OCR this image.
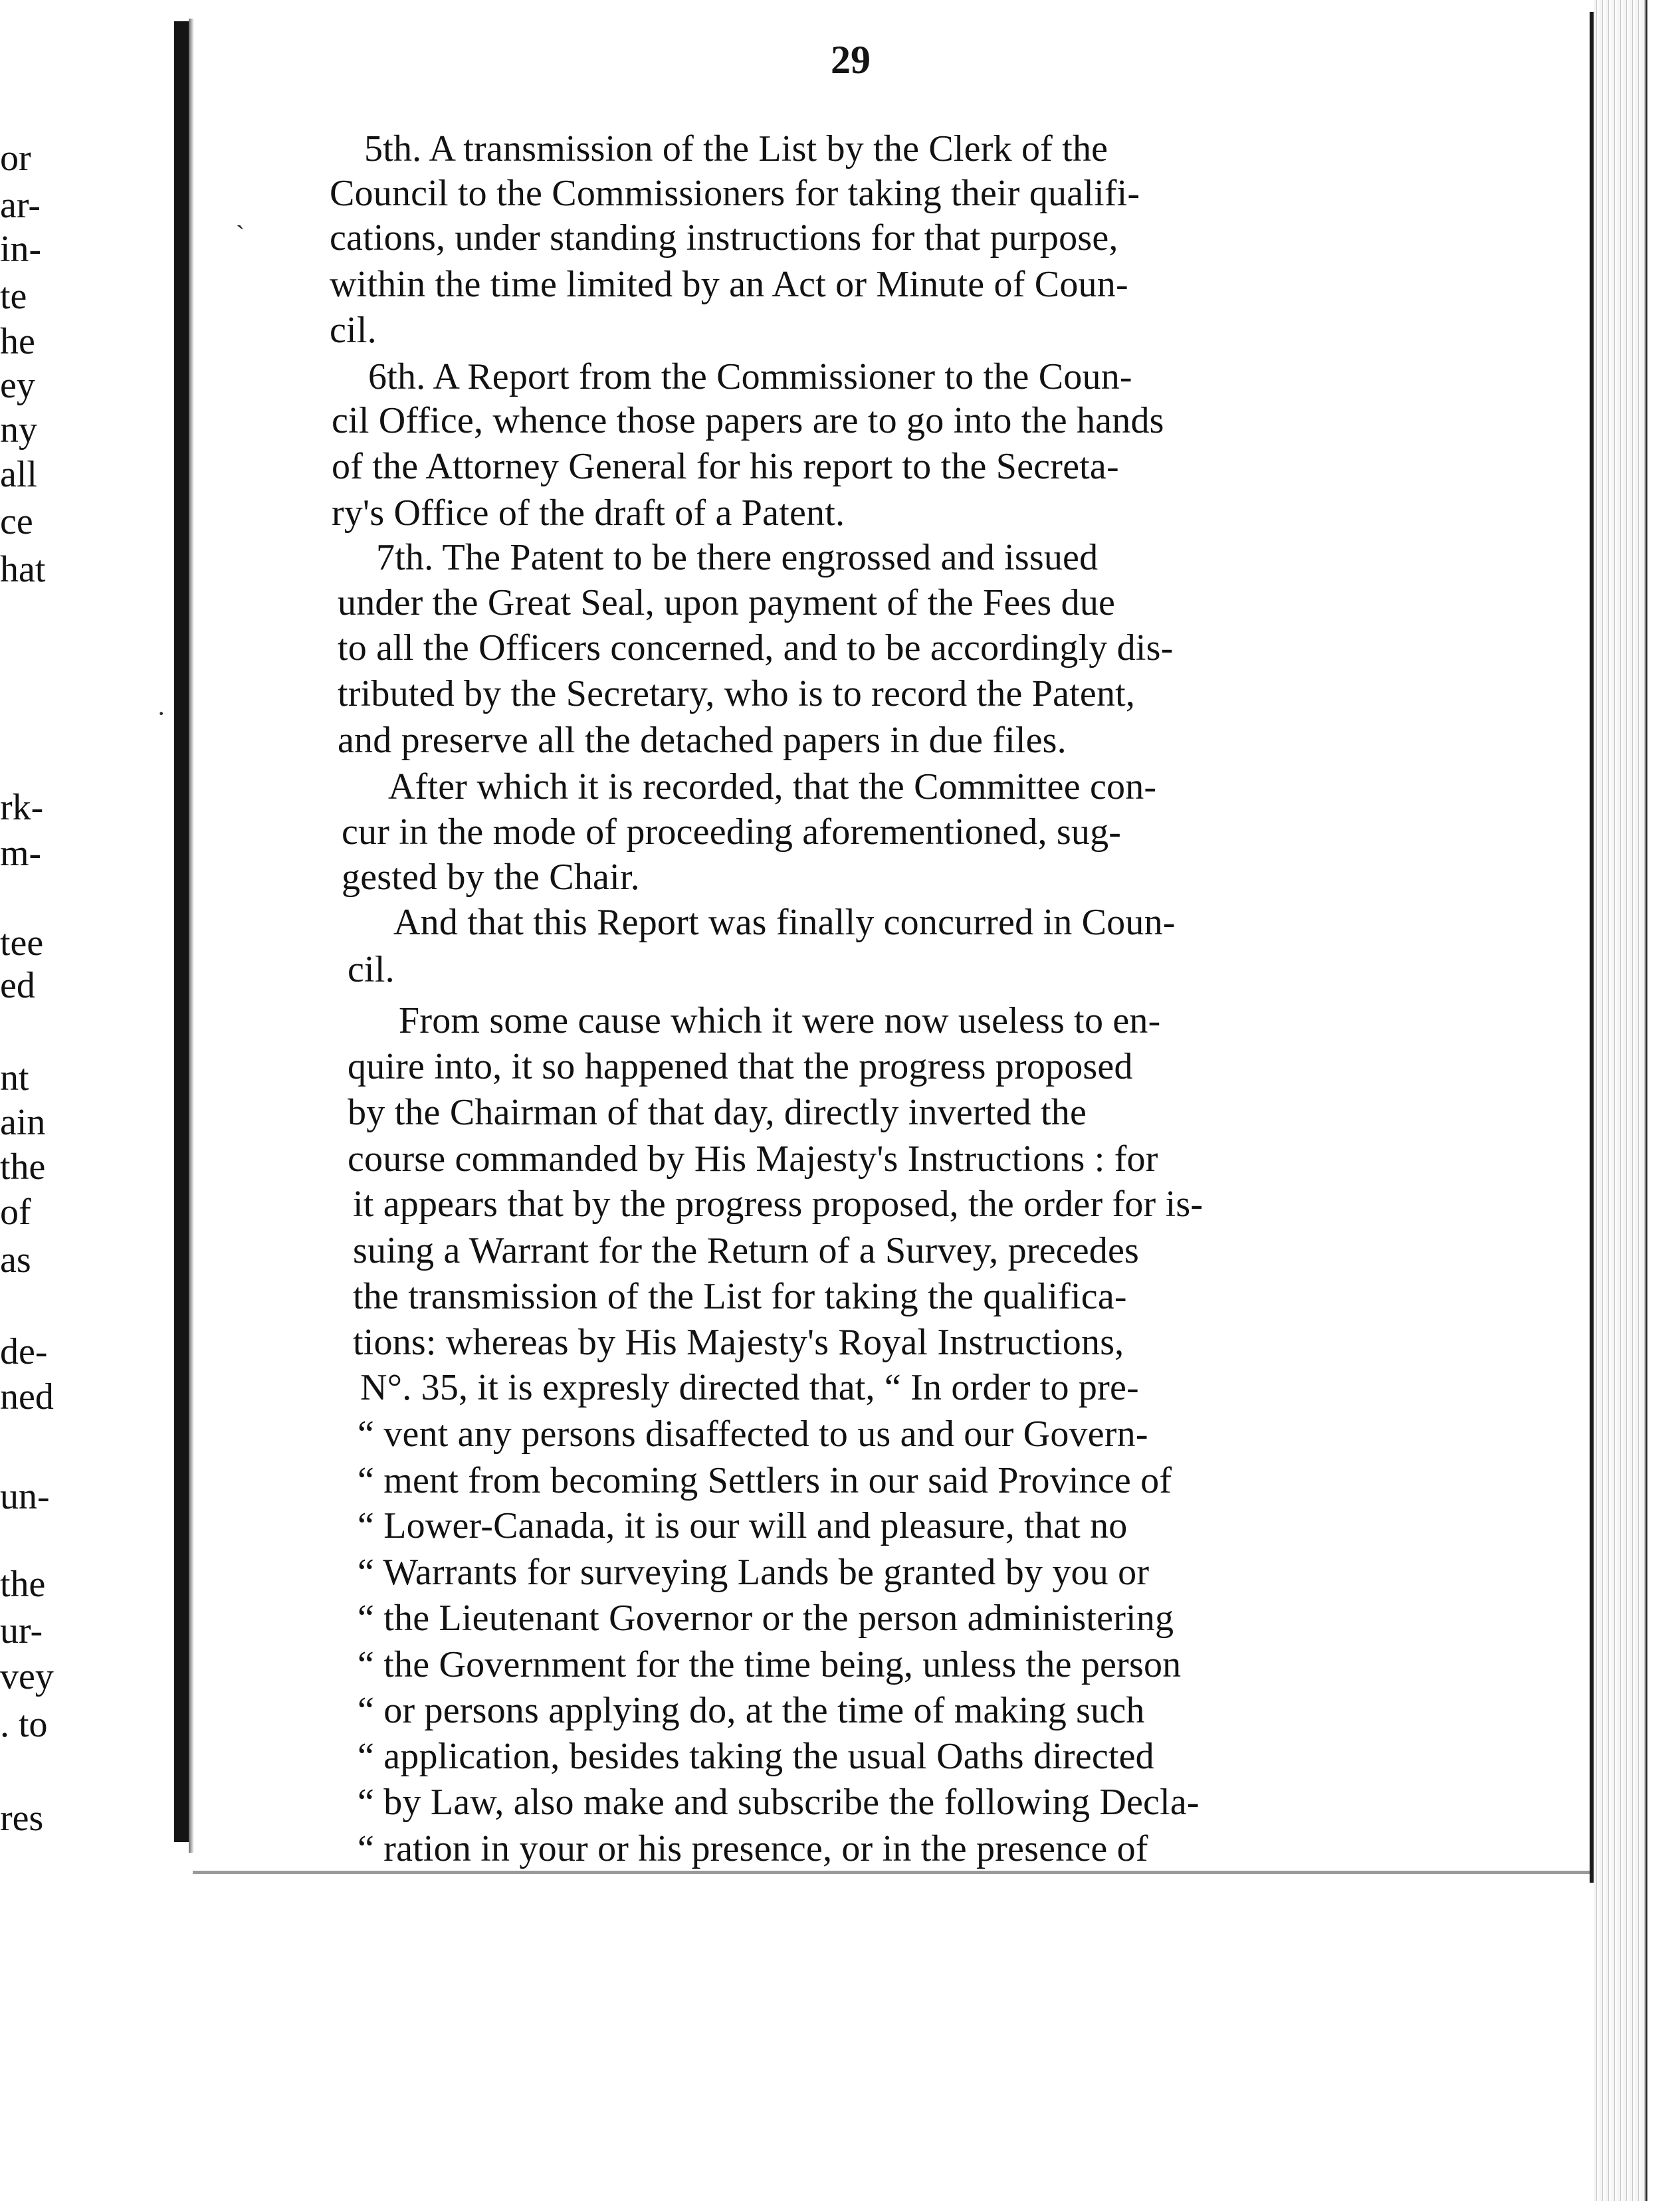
or
ar-
in-
te
he
ey
ny
all
ce
hat
rk-
m-
tee
ed
nt
ain
the
of
as
de-
ned
un-
the
ur-
vey
. to
res
ˋ
·
29
5th. A transmission of the List by the Clerk of the
Council to the Commissioners for taking their qualifi-
cations, under standing instructions for that purpose,
within the time limited by an Act or Minute of Coun-
cil.
6th. A Report from the Commissioner to the Coun-
cil Office, whence those papers are to go into the hands
of the Attorney General for his report to the Secreta-
ry's Office of the draft of a Patent.
7th. The Patent to be there engrossed and issued
under the Great Seal, upon payment of the Fees due
to all the Officers concerned, and to be accordingly dis-
tributed by the Secretary, who is to record the Patent,
and preserve all the detached papers in due files.
After which it is recorded, that the Committee con-
cur in the mode of proceeding aforementioned, sug-
gested by the Chair.
And that this Report was finally concurred in Coun-
cil.
From some cause which it were now useless to en-
quire into, it so happened that the progress proposed
by the Chairman of that day, directly inverted the
course commanded by His Majesty's Instructions : for
it appears that by the progress proposed, the order for is-
suing a Warrant for the Return of a Survey, precedes
the transmission of the List for taking the qualifica-
tions: whereas by His Majesty's Royal Instructions,
N°. 35, it is expresly directed that, “ In order to pre-
“ vent any persons disaffected to us and our Govern-
“ ment from becoming Settlers in our said Province of
“ Lower-Canada, it is our will and pleasure, that no
“ Warrants for surveying Lands be granted by you or
“ the Lieutenant Governor or the person administering
“ the Government for the time being, unless the person
“ or persons applying do, at the time of making such
“ application, besides taking the usual Oaths directed
“ by Law, also make and subscribe the following Decla-
“ ration in your or his presence, or in the presence of
